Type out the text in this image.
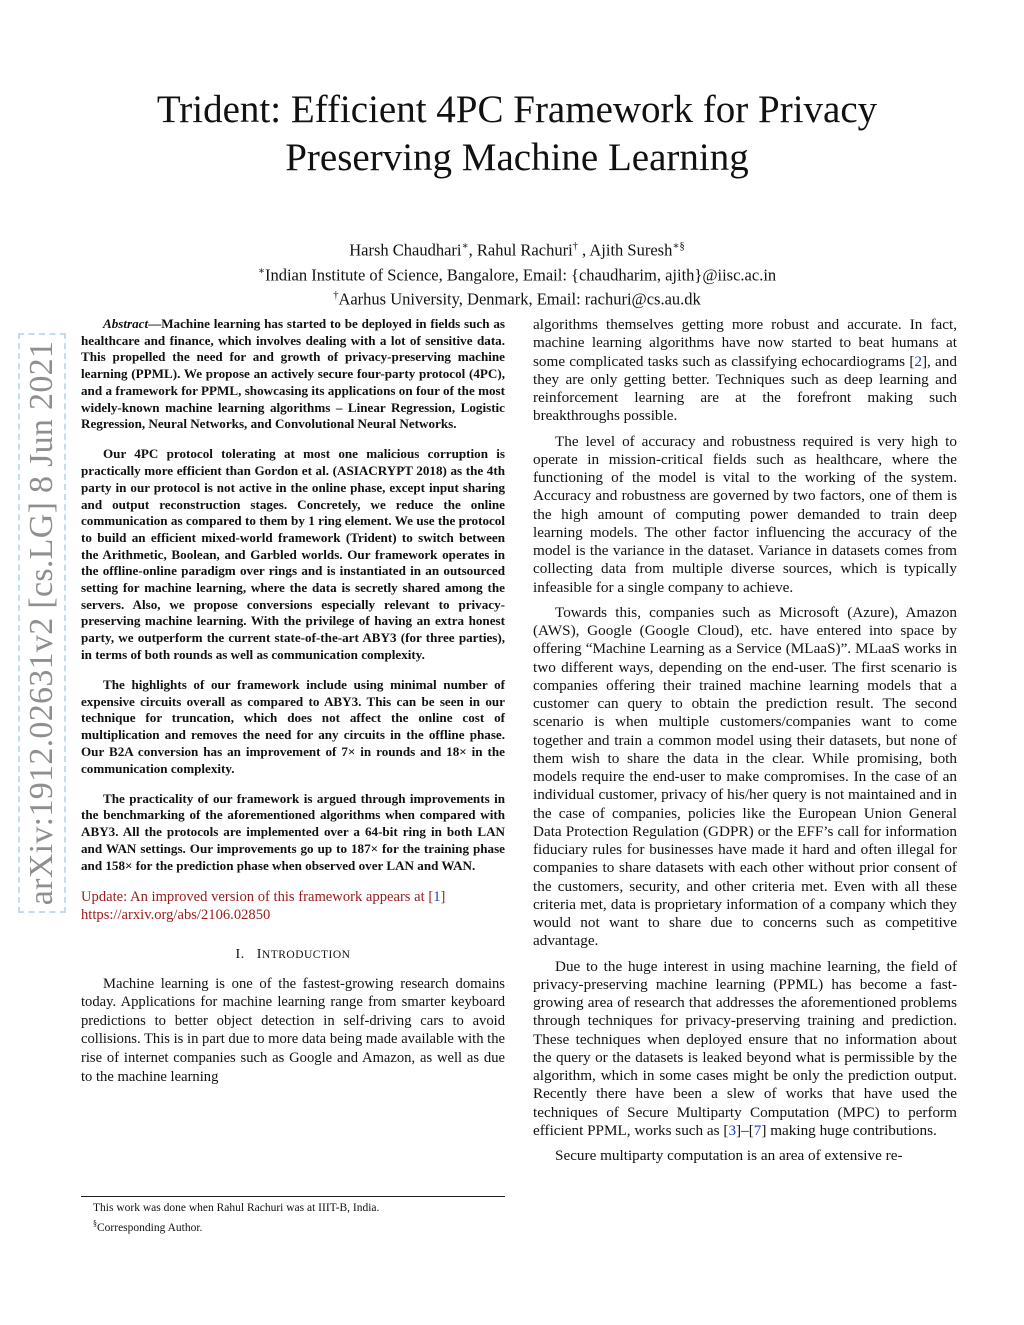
arXiv:1912.02631v2 [cs.LG] 8 Jun 2021
Trident: Efficient 4PC Framework for Privacy
Preserving Machine Learning
Harsh Chaudhari∗, Rahul Rachuri† , Ajith Suresh∗§
∗Indian Institute of Science, Bangalore, Email: {chaudharim, ajith}@iisc.ac.in
†Aarhus University, Denmark, Email: rachuri@cs.au.dk

Abstract—Machine learning has started to be deployed in fields such as healthcare and finance, which involves dealing with a lot of sensitive data. This propelled the need for and growth of privacy-preserving machine learning (PPML). We propose an actively secure four-party protocol (4PC), and a framework for PPML, showcasing its applications on four of the most widely-known machine learning algorithms – Linear Regression, Logistic Regression, Neural Networks, and Convolutional Neural Networks.

Our 4PC protocol tolerating at most one malicious corruption is practically more efficient than Gordon et al. (ASIACRYPT 2018) as the 4th party in our protocol is not active in the online phase, except input sharing and output reconstruction stages. Concretely, we reduce the online communication as compared to them by 1 ring element. We use the protocol to build an efficient mixed-world framework (Trident) to switch between the Arithmetic, Boolean, and Garbled worlds. Our framework operates in the offline-online paradigm over rings and is instantiated in an outsourced setting for machine learning, where the data is secretly shared among the servers. Also, we propose conversions especially relevant to privacy-preserving machine learning. With the privilege of having an extra honest party, we outperform the current state-of-the-art ABY3 (for three parties), in terms of both rounds as well as communication complexity.

The highlights of our framework include using minimal number of expensive circuits overall as compared to ABY3. This can be seen in our technique for truncation, which does not affect the online cost of multiplication and removes the need for any circuits in the offline phase. Our B2A conversion has an improvement of 7× in rounds and 18× in the communication complexity.

The practicality of our framework is argued through improvements in the benchmarking of the aforementioned algorithms when compared with ABY3. All the protocols are implemented over a 64-bit ring in both LAN and WAN settings. Our improvements go up to 187× for the training phase and 158× for the prediction phase when observed over LAN and WAN.

Update: An improved version of this framework appears at [1]
https://arxiv.org/abs/2106.02850
I. INTRODUCTION

Machine learning is one of the fastest-growing research domains today. Applications for machine learning range from smarter keyboard predictions to better object detection in self-driving cars to avoid collisions. This is in part due to more data being made available with the rise of internet companies such as Google and Amazon, as well as due to the machine learning

algorithms themselves getting more robust and accurate. In fact, machine learning algorithms have now started to beat humans at some complicated tasks such as classifying echocardiograms [2], and they are only getting better. Techniques such as deep learning and reinforcement learning are at the forefront making such breakthroughs possible.

The level of accuracy and robustness required is very high to operate in mission-critical fields such as healthcare, where the functioning of the model is vital to the working of the system. Accuracy and robustness are governed by two factors, one of them is the high amount of computing power demanded to train deep learning models. The other factor influencing the accuracy of the model is the variance in the dataset. Variance in datasets comes from collecting data from multiple diverse sources, which is typically infeasible for a single company to achieve.

Towards this, companies such as Microsoft (Azure), Amazon (AWS), Google (Google Cloud), etc. have entered into space by offering “Machine Learning as a Service (MLaaS)”. MLaaS works in two different ways, depending on the end-user. The first scenario is companies offering their trained machine learning models that a customer can query to obtain the prediction result. The second scenario is when multiple customers/companies want to come together and train a common model using their datasets, but none of them wish to share the data in the clear. While promising, both models require the end-user to make compromises. In the case of an individual customer, privacy of his/her query is not maintained and in the case of companies, policies like the European Union General Data Protection Regulation (GDPR) or the EFF’s call for information fiduciary rules for businesses have made it hard and often illegal for companies to share datasets with each other without prior consent of the customers, security, and other criteria met. Even with all these criteria met, data is proprietary information of a company which they would not want to share due to concerns such as competitive advantage.

Due to the huge interest in using machine learning, the field of privacy-preserving machine learning (PPML) has become a fast-growing area of research that addresses the aforementioned problems through techniques for privacy-preserving training and prediction. These techniques when deployed ensure that no information about the query or the datasets is leaked beyond what is permissible by the algorithm, which in some cases might be only the prediction output. Recently there have been a slew of works that have used the techniques of Secure Multiparty Computation (MPC) to perform efficient PPML, works such as [3]–[7] making huge contributions.

Secure multiparty computation is an area of extensive re-

This work was done when Rahul Rachuri was at IIIT-B, India.
§Corresponding Author.
